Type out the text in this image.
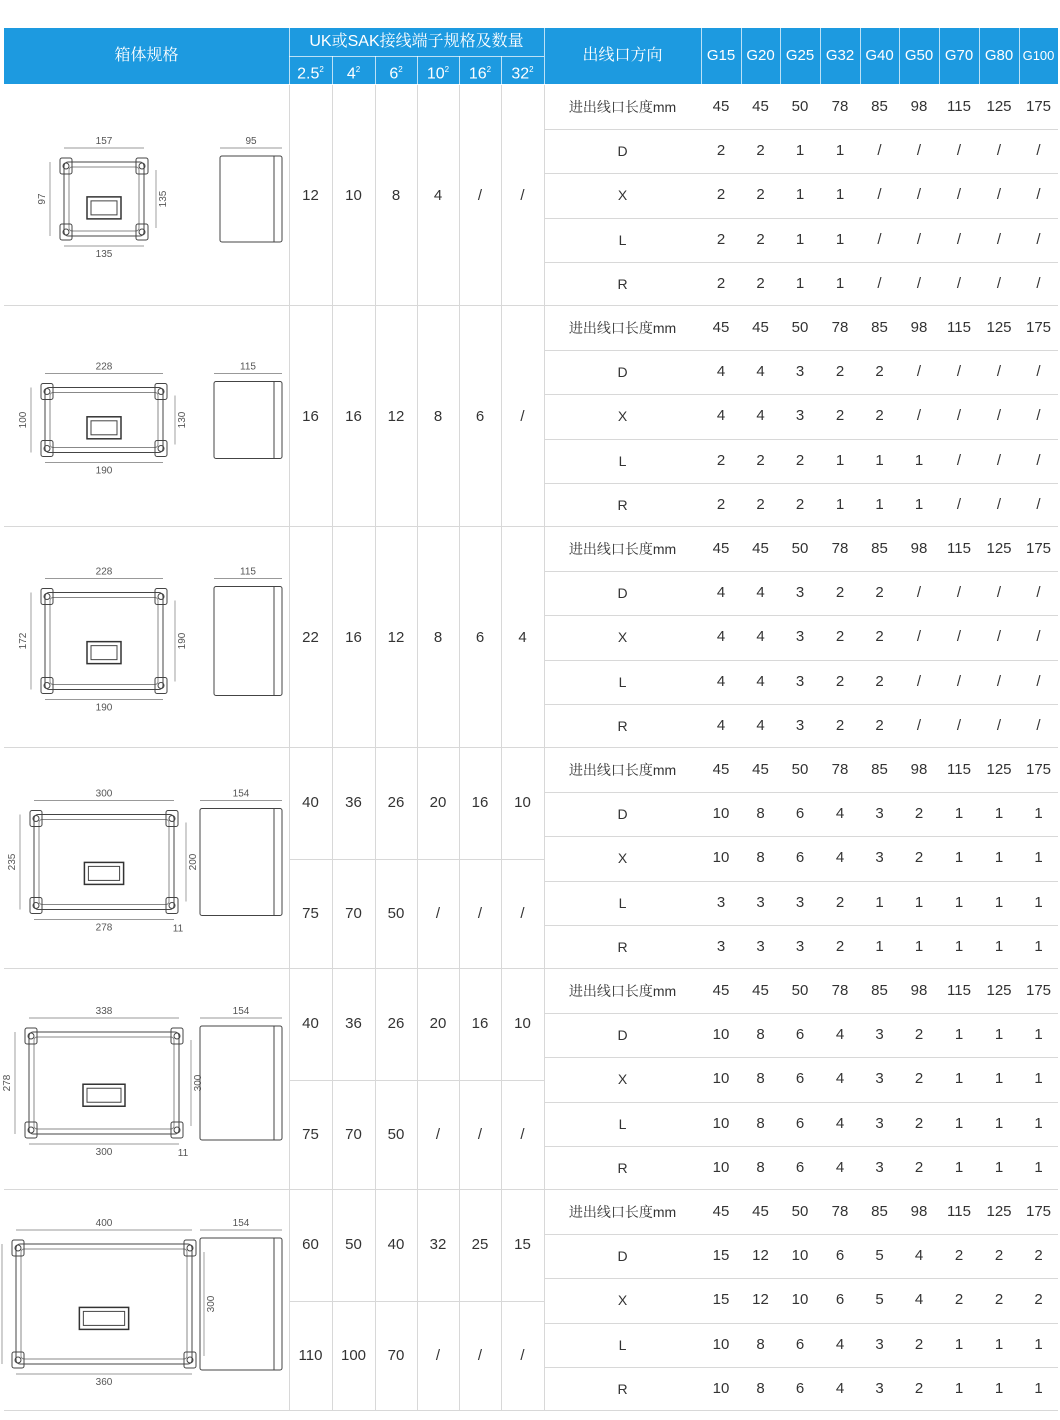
箱体规格
UK或SAK接线端子规格及数量
$2.5^2$	$4^2$	$6^2$	$10^2$	$16^2$	$32^2$
出线口方向	G15 G20 G25 G32 G40 G50 G70 G80 G100
157
135
97	135
95
12	10	8	4	/	/
进出线口长度mm	45	45	50	78	85	98	115	125 175
D	2	2	1	1	/	/	/	/	/
X	2	2	1	1	/	/	/	/	/
L	2	2	1	1	/	/	/	/	/
R	2	2	1	1	/	/	/	/	/
228
190
100	130
115
16	16	12	8	6	/
进出线口长度mm	45	45	50	78	85	98	115	125 175
D	4	4	3	2	2	/	/	/	/
X	4	4	3	2	2	/	/	/	/
L	2	2	2	1	1	1	/	/	/
R	2	2	2	1	1	1	/	/	/
228
190
172	190
115
22	16	12	8	6	4
进出线口长度mm	45	45	50	78	85	98	115	125 175
D	4	4	3	2	2	/	/	/	/
X	4	4	3	2	2	/	/	/	/
L	4	4	3	2	2	/	/	/	/
R	4	4	3	2	2	/	/	/	/
300
278
235	200
154
11
40	36	26	20	16	10
75	70	50	/	/	/
进出线口长度mm	45	45	50	78	85	98	115	125 175
D	10	8	6	4	3	2	1	1	1
X	10	8	6	4	3	2	1	1	1
L	3	3	3	2	1	1	1	1	1
R	3	3	3	2	1	1	1	1	1
338
300
278	300
154
11
40	36	26	20	16	10
75	70	50	/	/	/
进出线口长度mm	45	45	50	78	85	98	115	125 175
D	10	8	6	4	3	2	1	1	1
X	10	8	6	4	3	2	1	1	1
L	10	8	6	4	3	2	1	1	1
R	10	8	6	4	3	2	1	1	1
400
360
300
154
60	50	40	32	25	15
110	100	70	/	/	/
进出线口长度mm	45	45	50	78	85	98	115	125 175
D	15	12	10	6	5	4	2	2	2
X	15	12	10	6	5	4	2	2	2
L	10	8	6	4	3	2	1	1	1
R	10	8	6	4	3	2	1	1	1
